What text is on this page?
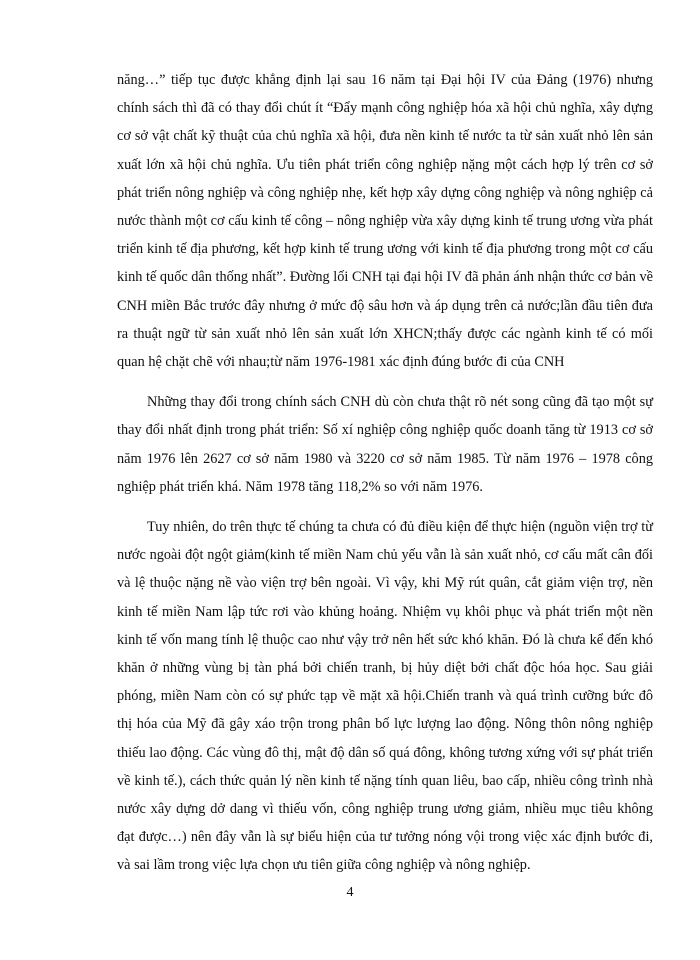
năng…” tiếp tục được khẳng định lại sau 16 năm tại Đại hội IV của Đảng (1976) nhưng chính sách thì đã có thay đổi chút ít “Đẩy mạnh công nghiệp hóa xã hội chủ nghĩa, xây dựng cơ sở vật chất kỹ thuật của chủ nghĩa xã hội, đưa nền kinh tế nước ta từ sản xuất nhỏ lên sản xuất lớn xã hội chủ nghĩa. Ưu tiên phát triển công nghiệp nặng một cách hợp lý trên cơ sở phát triển nông nghiệp và công nghiệp nhẹ, kết hợp xây dựng công nghiệp và nông nghiệp cả nước thành một cơ cấu kinh tế công – nông nghiệp vừa xây dựng kinh tế trung ương vừa phát triển kinh tế địa phương, kết hợp kinh tế trung ương với kinh tế địa phương trong một cơ cấu kinh tế quốc dân thống nhất”. Đường lối CNH tại đại hội IV đã phản ánh nhận thức cơ bản về CNH miền Bắc trước đây nhưng ở mức độ sâu hơn và áp dụng trên cả nước;lần đầu tiên đưa ra thuật ngữ từ sản xuất nhỏ lên sản xuất lớn XHCN;thấy được các ngành kinh tế có mối quan hệ chặt chẽ với nhau;từ năm 1976-1981 xác định đúng bước đi của CNH

Những thay đổi trong chính sách CNH dù còn chưa thật rõ nét song cũng đã tạo một sự thay đổi nhất định trong phát triển: Số xí nghiệp công nghiệp quốc doanh tăng từ 1913 cơ sở năm 1976 lên 2627 cơ sở năm 1980 và 3220 cơ sở năm 1985. Từ năm 1976 – 1978 công nghiệp phát triển khá. Năm 1978 tăng 118,2% so với năm 1976.

Tuy nhiên, do trên thực tế chúng ta chưa có đủ điều kiện để thực hiện (nguồn viện trợ từ nước ngoài đột ngột giảm(kinh tế miền Nam chủ yếu vẫn là sản xuất nhỏ, cơ cấu mất cân đối và lệ thuộc nặng nề vào viện trợ bên ngoài. Vì vậy, khi Mỹ rút quân, cắt giảm viện trợ, nền kinh tế miền Nam lập tức rơi vào khủng hoảng. Nhiệm vụ khôi phục và phát triển một nền kinh tế vốn mang tính lệ thuộc cao như vậy trở nên hết sức khó khăn. Đó là chưa kể đến khó khăn ở những vùng bị tàn phá bởi chiến tranh, bị hủy diệt bởi chất độc hóa học. Sau giải phóng, miền Nam còn có sự phức tạp về mặt xã hội.Chiến tranh và quá trình cưỡng bức đô thị hóa của Mỹ đã gây xáo trộn trong phân bố lực lượng lao động. Nông thôn nông nghiệp thiếu lao động. Các vùng đô thị, mật độ dân số quá đông, không tương xứng với sự phát triển về kinh tế.), cách thức quản lý nền kinh tế nặng tính quan liêu, bao cấp, nhiều công trình nhà nước xây dựng dở dang vì thiếu vốn, công nghiệp trung ương giảm, nhiều mục tiêu không đạt được…) nên đây vẫn là sự biểu hiện của tư tưởng nóng vội trong việc xác định bước đi, và sai lầm trong việc lựa chọn ưu tiên giữa công nghiệp và nông nghiệp.

4
